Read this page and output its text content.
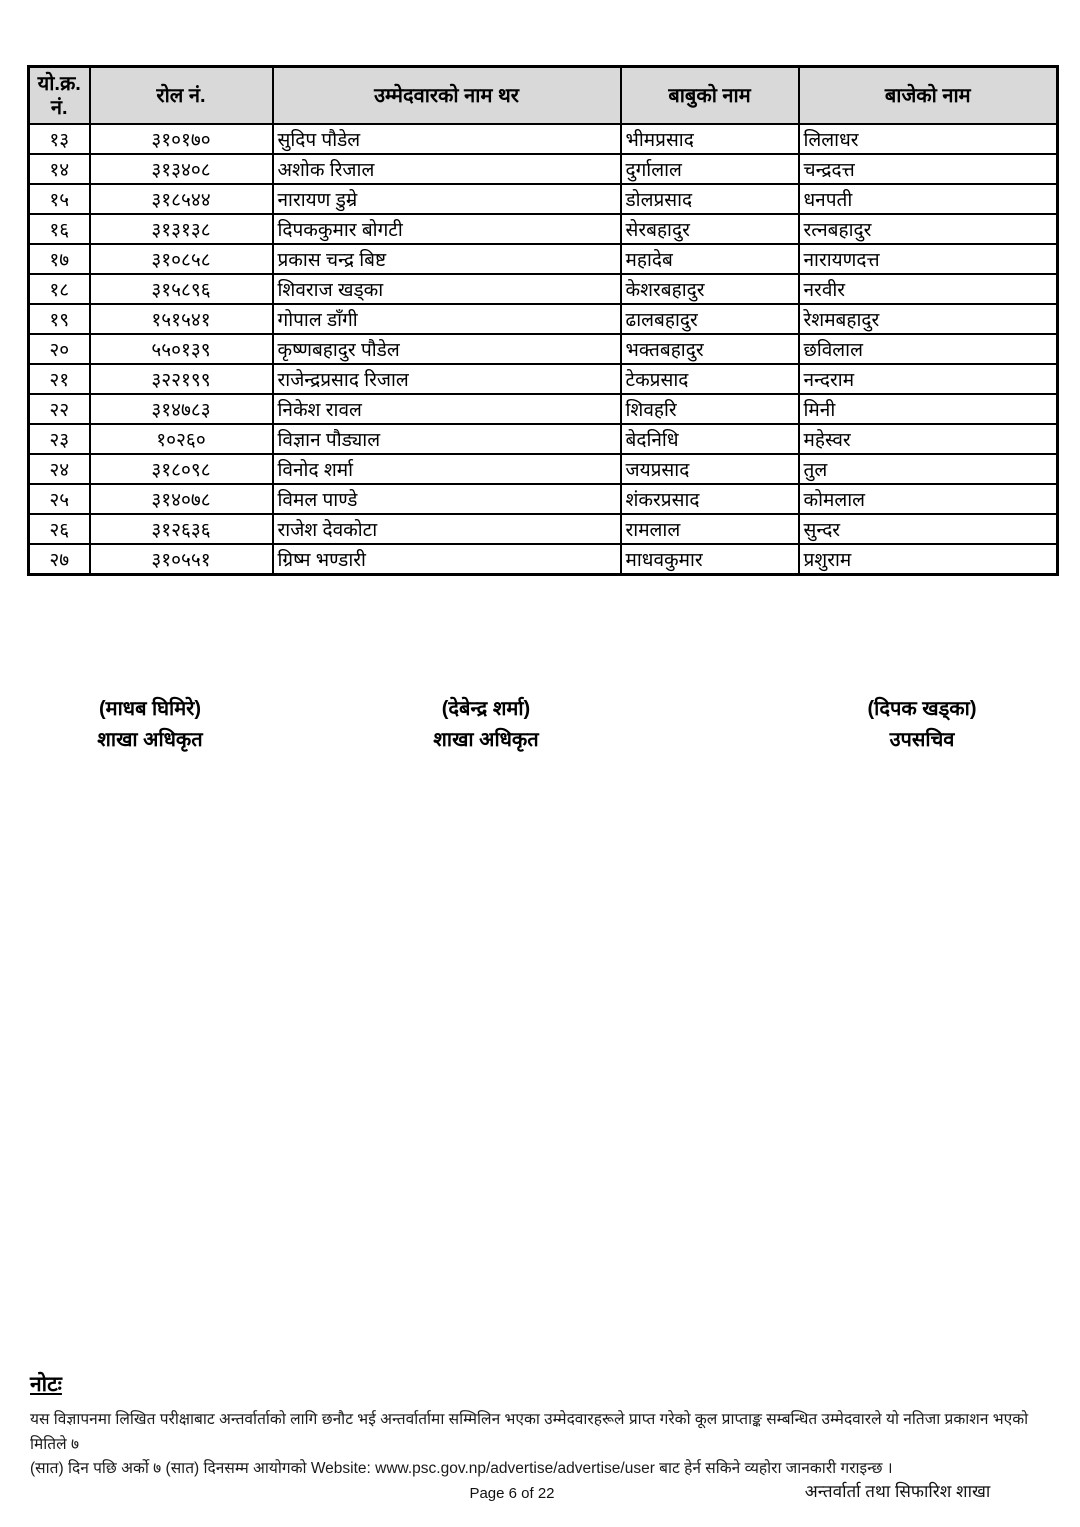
यो.क्र. नं.	रोल नं.	उम्मेदवारको नाम थर	बाबुको नाम	बाजेको नाम
१३	३१०१७०	सुदिप पौडेल	भीमप्रसाद	लिलाधर
१४	३१३४०८	अशोक रिजाल	दुर्गालाल	चन्द्रदत्त
१५	३१८५४४	नारायण डुम्रे	डोलप्रसाद	धनपती
१६	३१३१३८	दिपककुमार बोगटी	सेरबहादुर	रत्नबहादुर
१७	३१०८५८	प्रकास चन्द्र बिष्ट	महादेब	नारायणदत्त
१८	३१५८९६	शिवराज खड्का	केशरबहादुर	नरवीर
१९	१५१५४१	गोपाल डाँगी	ढालबहादुर	रेशमबहादुर
२०	५५०१३९	कृष्णबहादुर पौडेल	भक्तबहादुर	छविलाल
२१	३२२१९९	राजेन्द्रप्रसाद रिजाल	टेकप्रसाद	नन्दराम
२२	३१४७८३	निकेश रावल	शिवहरि	मिनी
२३	१०२६०	विज्ञान पौड्याल	बेदनिधि	महेस्वर
२४	३१८०९८	विनोद शर्मा	जयप्रसाद	तुल
२५	३१४०७८	विमल पाण्डे	शंकरप्रसाद	कोमलाल
२६	३१२६३६	राजेश देवकोटा	रामलाल	सुन्दर
२७	३१०५५१	ग्रिष्म भण्डारी	माधवकुमार	प्रशुराम
(माधब घिमिरे)
शाखा अधिकृत
(देबेन्द्र शर्मा)
शाखा अधिकृत
(दिपक खड्का)
उपसचिव
नोटः
यस विज्ञापनमा लिखित परीक्षाबाट अन्तर्वार्ताको लागि छनौट भई अन्तर्वार्तामा सम्मिलिन भएका उम्मेदवारहरूले प्राप्त गरेको कूल प्राप्ताङ्क सम्बन्धित उम्मेदवारले यो नतिजा प्रकाशन भएको मितिले ७
(सात) दिन पछि अर्को ७ (सात) दिनसम्म आयोगको Website: www.psc.gov.np/advertise/advertise/user बाट हेर्न सकिने व्यहोरा जानकारी गराइन्छ ।
Page 6 of 22	अन्तर्वार्ता तथा सिफारिश शाखा
